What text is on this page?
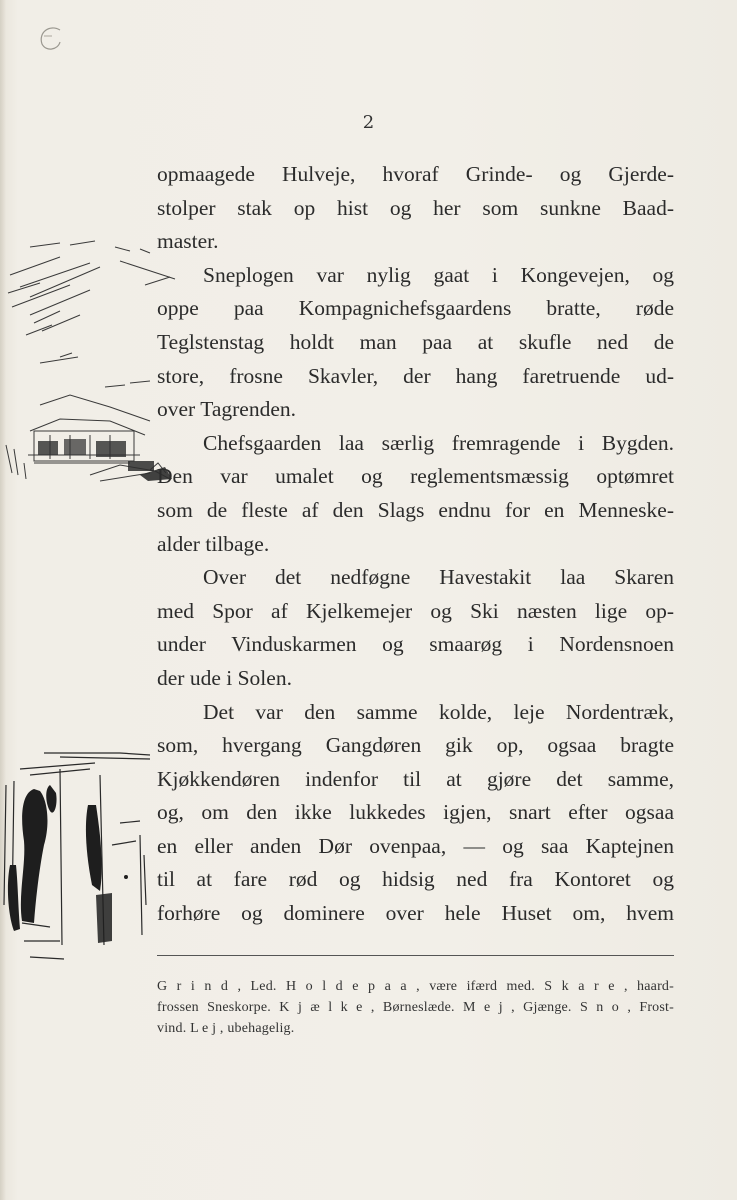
2
opmaagede Hulveje, hvoraf Grinde- og Gjerde-
stolper stak op hist og her som sunkne Baad-
master.
Sneplogen var nylig gaat i Kongevejen, og
oppe paa Kompagnichefsgaardens bratte, røde
Teglstenstag holdt man paa at skufle ned de
store, frosne Skavler, der hang faretruende ud-
over Tagrenden.
Chefsgaarden laa særlig fremragende i Bygden.
Den var umalet og reglementsmæssig optømret
som de fleste af den Slags endnu for en Menneske-
alder tilbage.
Over det nedføgne Havestakit laa Skaren
med Spor af Kjelkemejer og Ski næsten lige op-
under Vinduskarmen og smaarøg i Nordensnoen
der ude i Solen.
Det var den samme kolde, leje Nordentræk,
som, hvergang Gangdøren gik op, ogsaa bragte
Kjøkkendøren indenfor til at gjøre det samme,
og, om den ikke lukkedes igjen, snart efter ogsaa
en eller anden Dør ovenpaa, — og saa Kaptejnen
til at fare rød og hidsig ned fra Kontoret og
forhøre og dominere over hele Huset om, hvem
G r i n d , Led. H o l d e p a a , være ifærd med. S k a r e , haard-
frossen Sneskorpe. K j æ l k e , Børneslæde. M e j , Gjænge. S n o , Frost-
vind. L e j , ubehagelig.
